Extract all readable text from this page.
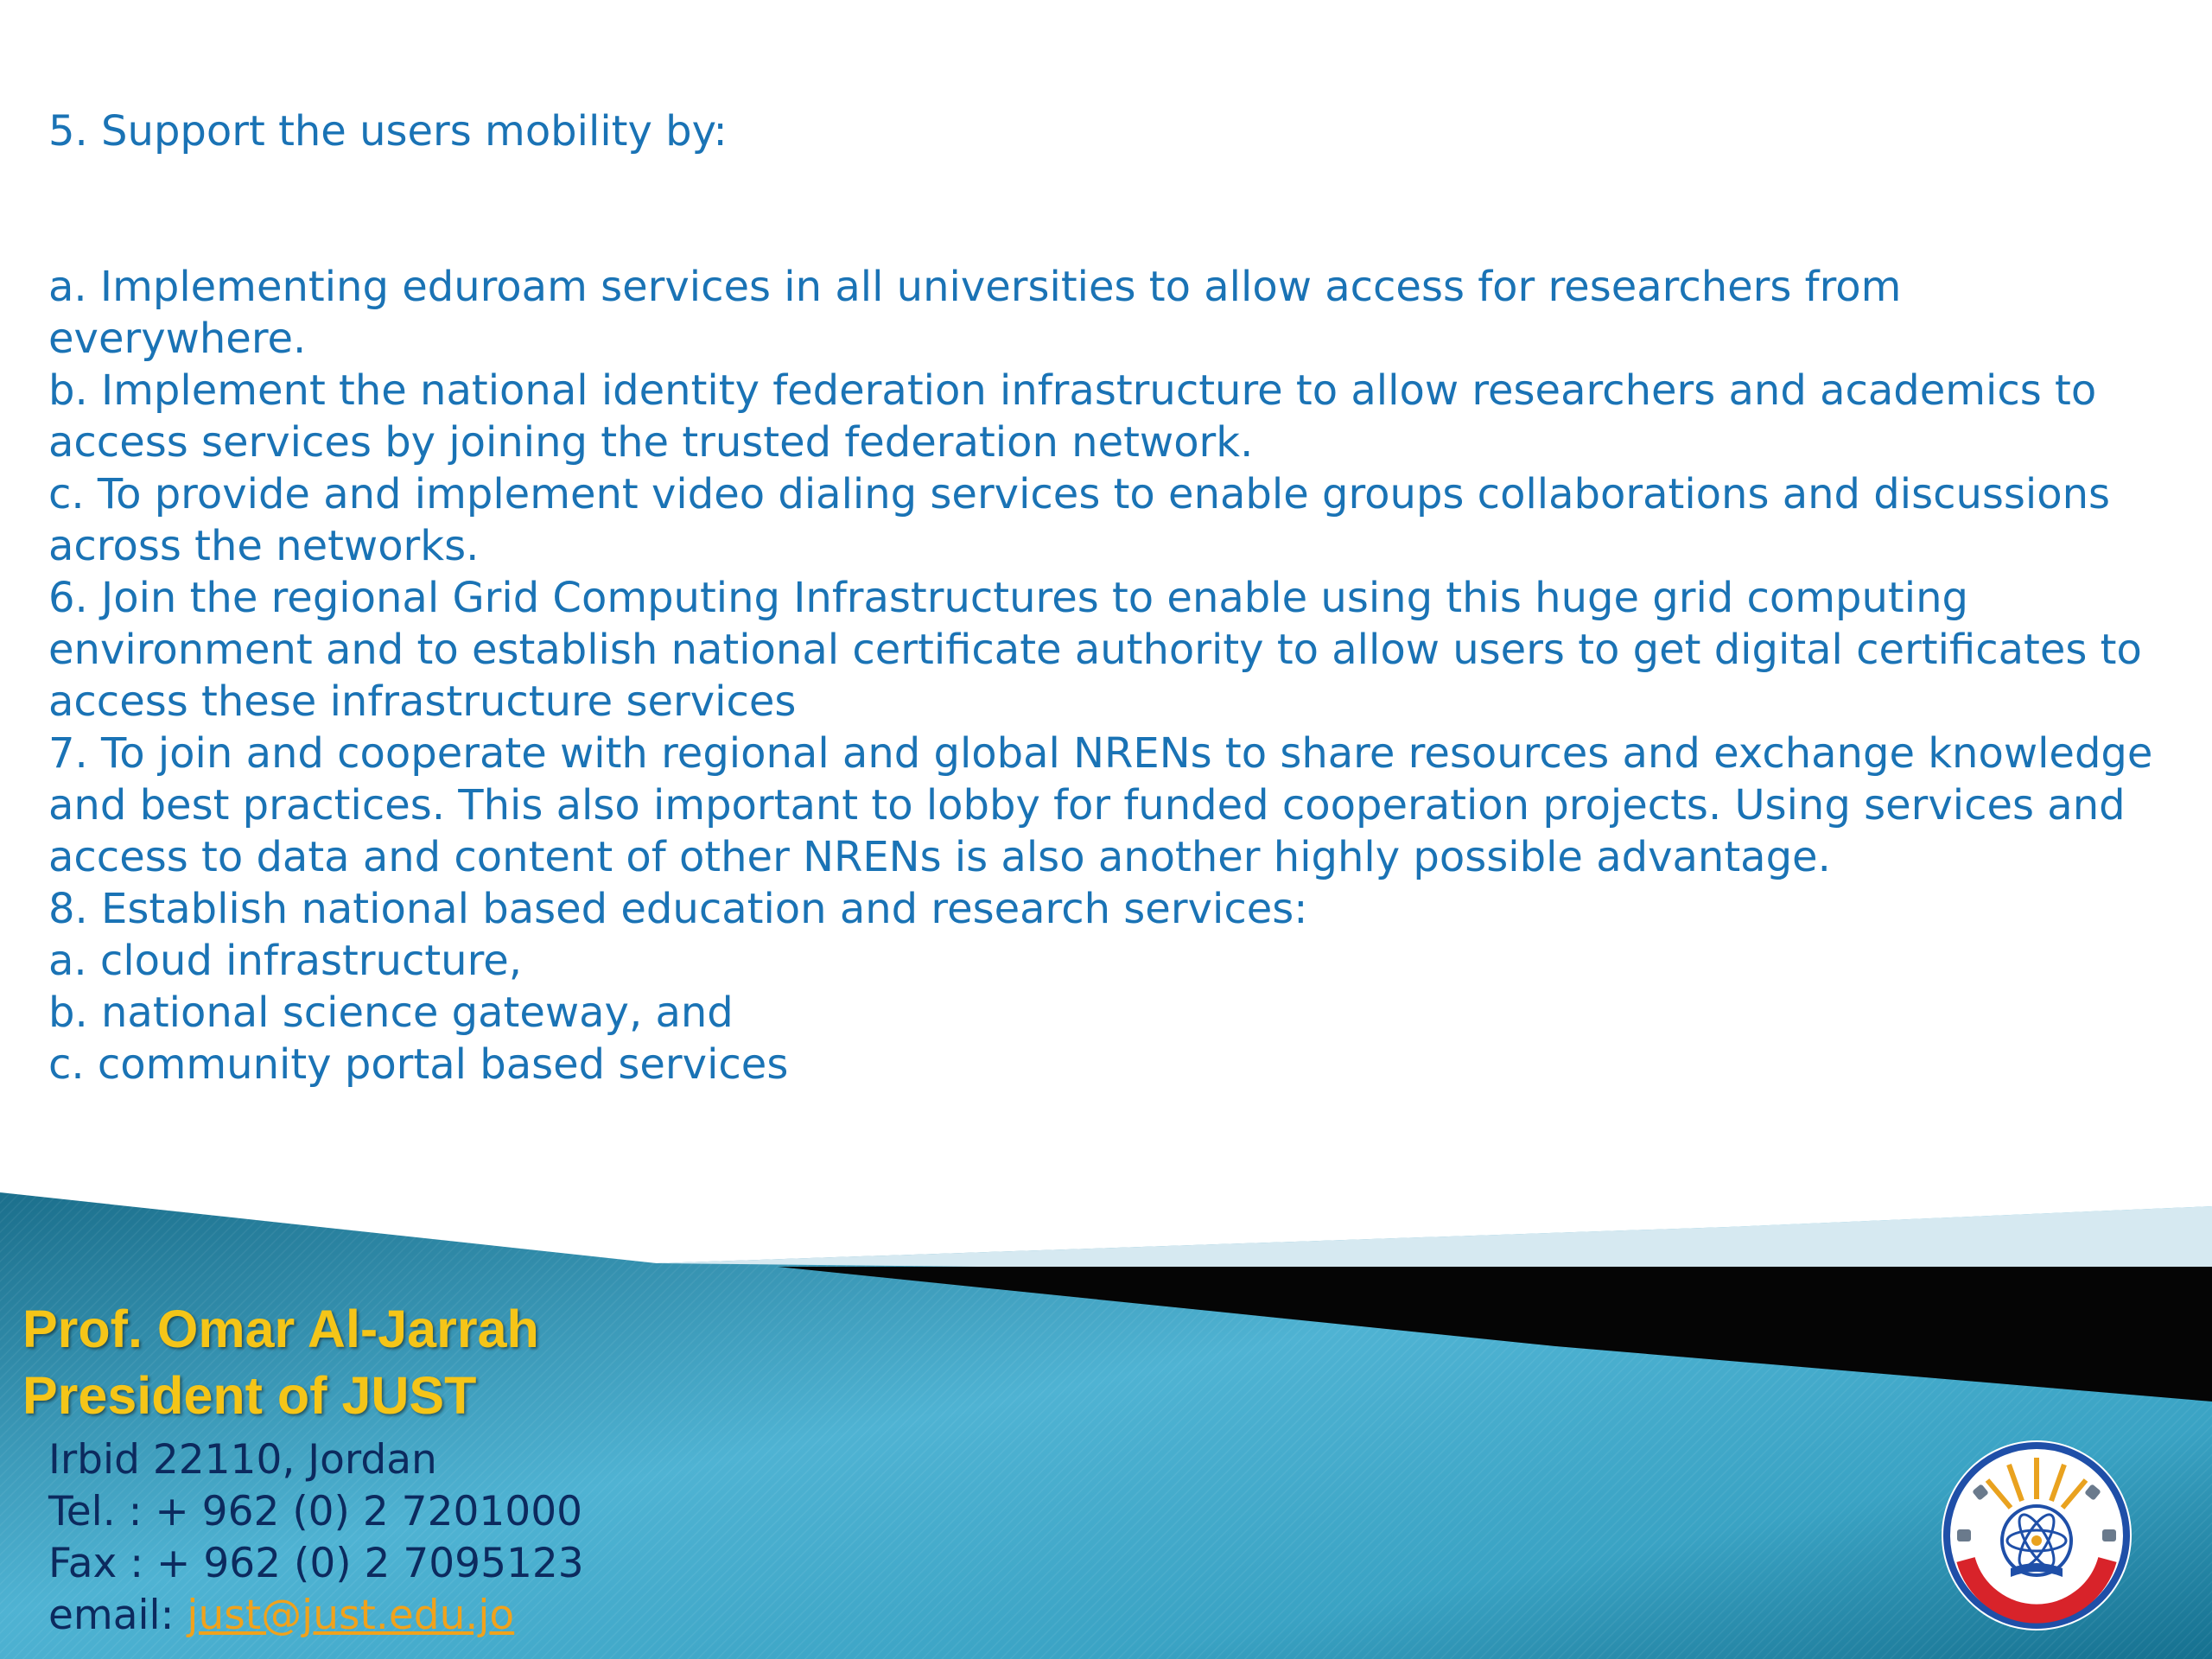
5. Support the users mobility by:

a. Implementing eduroam services in all universities to allow access for researchers from everywhere.

b. Implement the national identity federation infrastructure to allow researchers and academics to access services by joining the trusted federation network.

c. To provide and implement video dialing services to enable groups collaborations and discussions across the networks.

6. Join the regional Grid Computing Infrastructures to enable using this huge grid computing environment and to establish national certificate authority to allow users to get digital certificates to access these infrastructure services

7. To join and cooperate with regional and global NRENs to share resources and exchange knowledge and best practices. This also important to lobby for funded cooperation projects. Using services and access to data and content of other NRENs is also another highly possible advantage.

8. Establish national based education and research services:

a. cloud infrastructure,

b. national science gateway, and

c. community portal based services

Prof. Omar Al-Jarrah
President of JUST
Irbid 22110, Jordan
Tel. : + 962 (0) 2 7201000
Fax : + 962 (0) 2 7095123
email: just@just.edu.jo
